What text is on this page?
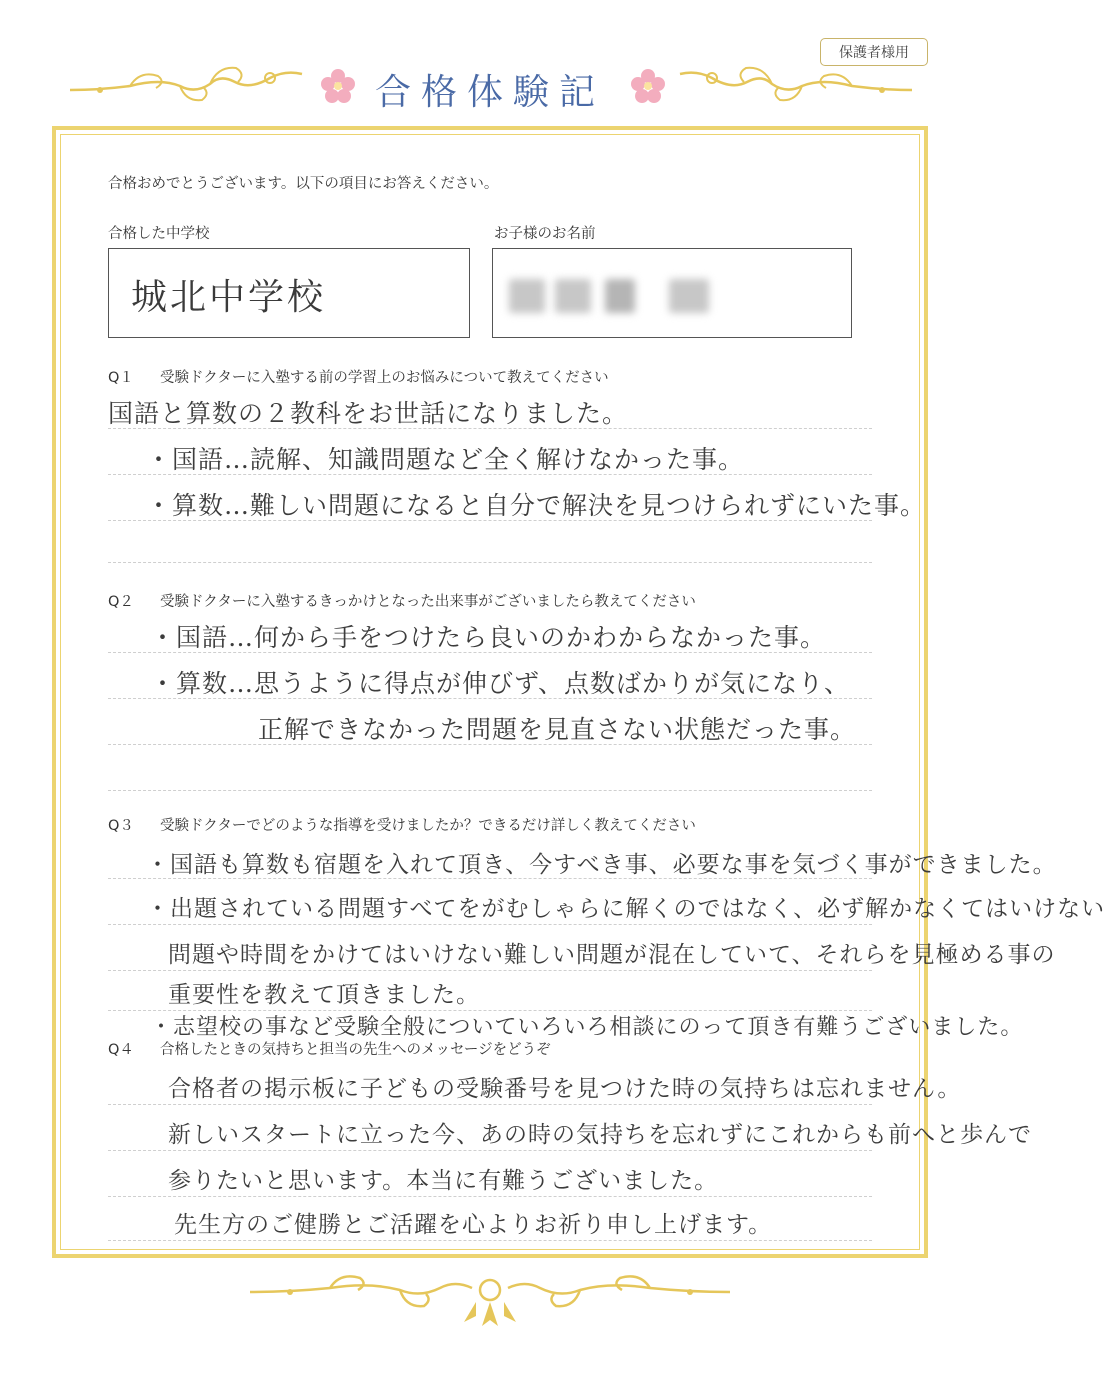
保護者様用
合格体験記
合格おめでとうございます。以下の項目にお答えください。
合格した中学校
城北中学校
お子様のお名前
Q１ 受験ドクターに入塾する前の学習上のお悩みについて教えてください
国語と算数の２教科をお世話になりました。
・国語…読解、知識問題など全く解けなかった事。
・算数…難しい問題になると自分で解決を見つけられずにいた事。
Q２ 受験ドクターに入塾するきっかけとなった出来事がございましたら教えてください
・国語…何から手をつけたら良いのかわからなかった事。
・算数…思うように得点が伸びず、点数ばかりが気になり、
正解できなかった問題を見直さない状態だった事。
Q３ 受験ドクターでどのような指導を受けましたか？できるだけ詳しく教えてください
・国語も算数も宿題を入れて頂き、今すべき事、必要な事を気づく事ができました。
・出題されている問題すべてをがむしゃらに解くのではなく、必ず解かなくてはいけない
問題や時間をかけてはいけない難しい問題が混在していて、それらを見極める事の
重要性を教えて頂きました。
・志望校の事など受験全般についていろいろ相談にのって頂き有難うございました。
Q４ 合格したときの気持ちと担当の先生へのメッセージをどうぞ
合格者の掲示板に子どもの受験番号を見つけた時の気持ちは忘れません。
新しいスタートに立った今、あの時の気持ちを忘れずにこれからも前へと歩んで
参りたいと思います。本当に有難うございました。
先生方のご健勝とご活躍を心よりお祈り申し上げます。
